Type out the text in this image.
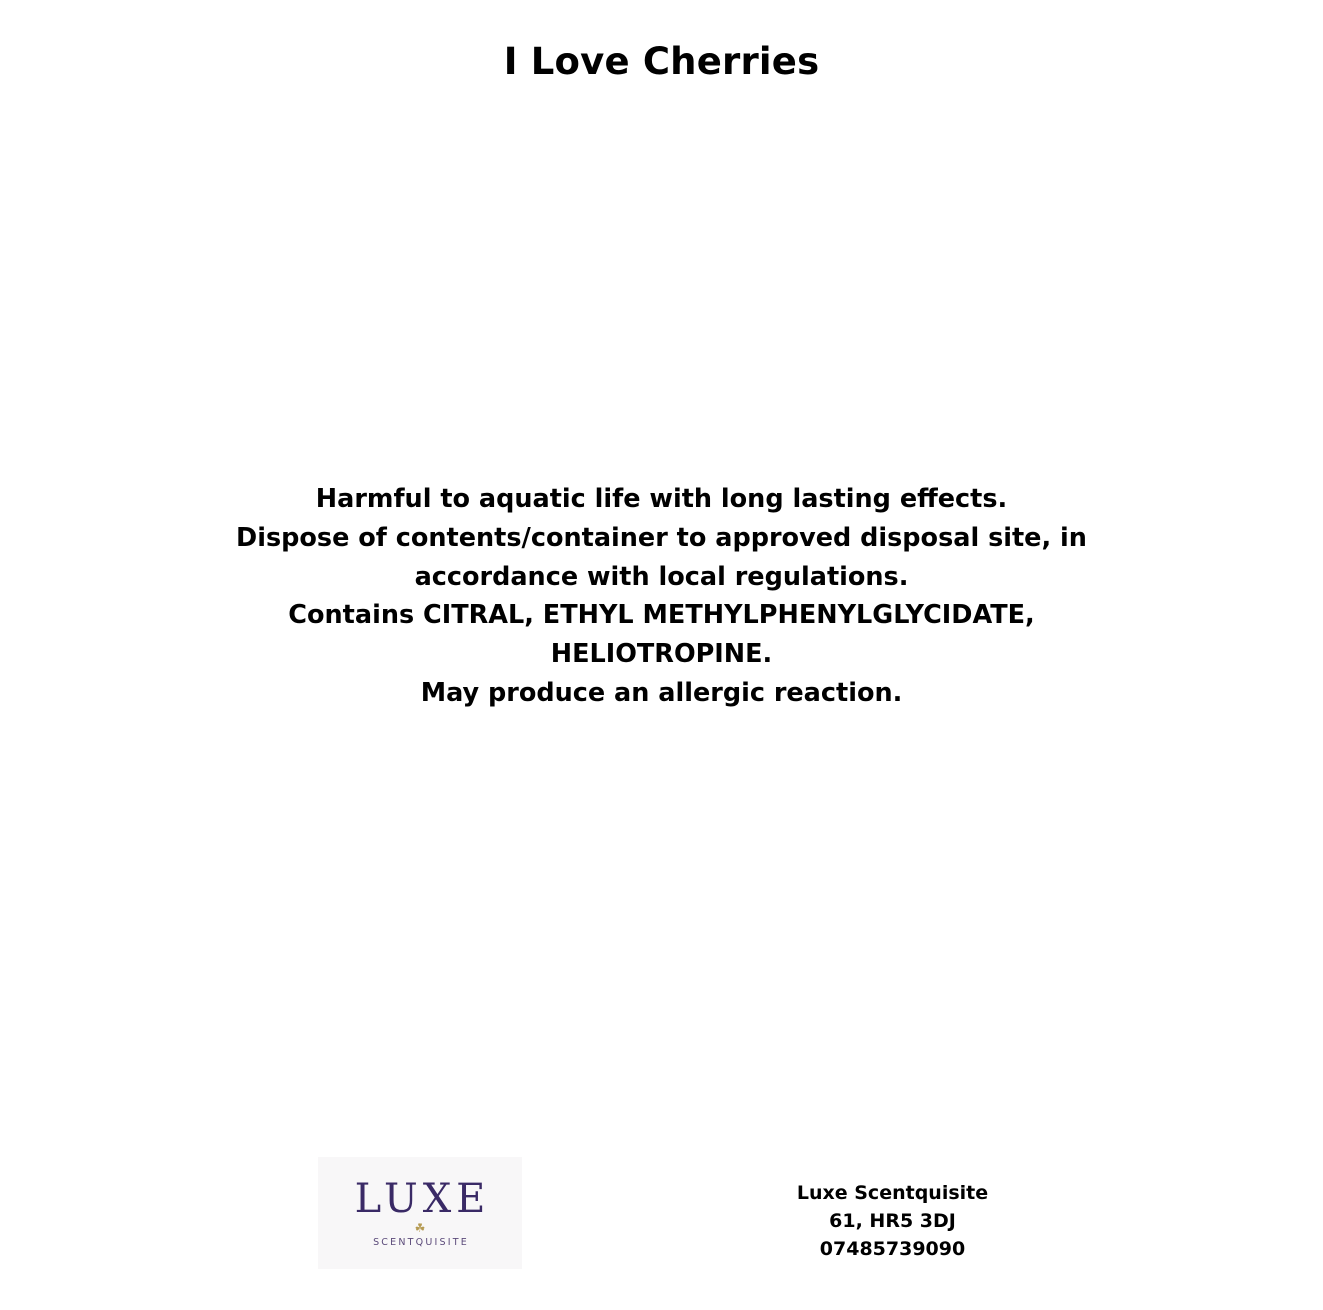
I Love Cherries
Harmful to aquatic life with long lasting effects.
Dispose of contents/container to approved disposal site, in
accordance with local regulations.
Contains CITRAL, ETHYL METHYLPHENYLGLYCIDATE,
HELIOTROPINE.
May produce an allergic reaction.
LUXE
☘
SCENTQUISITE
Luxe Scentquisite
61, HR5 3DJ
07485739090
